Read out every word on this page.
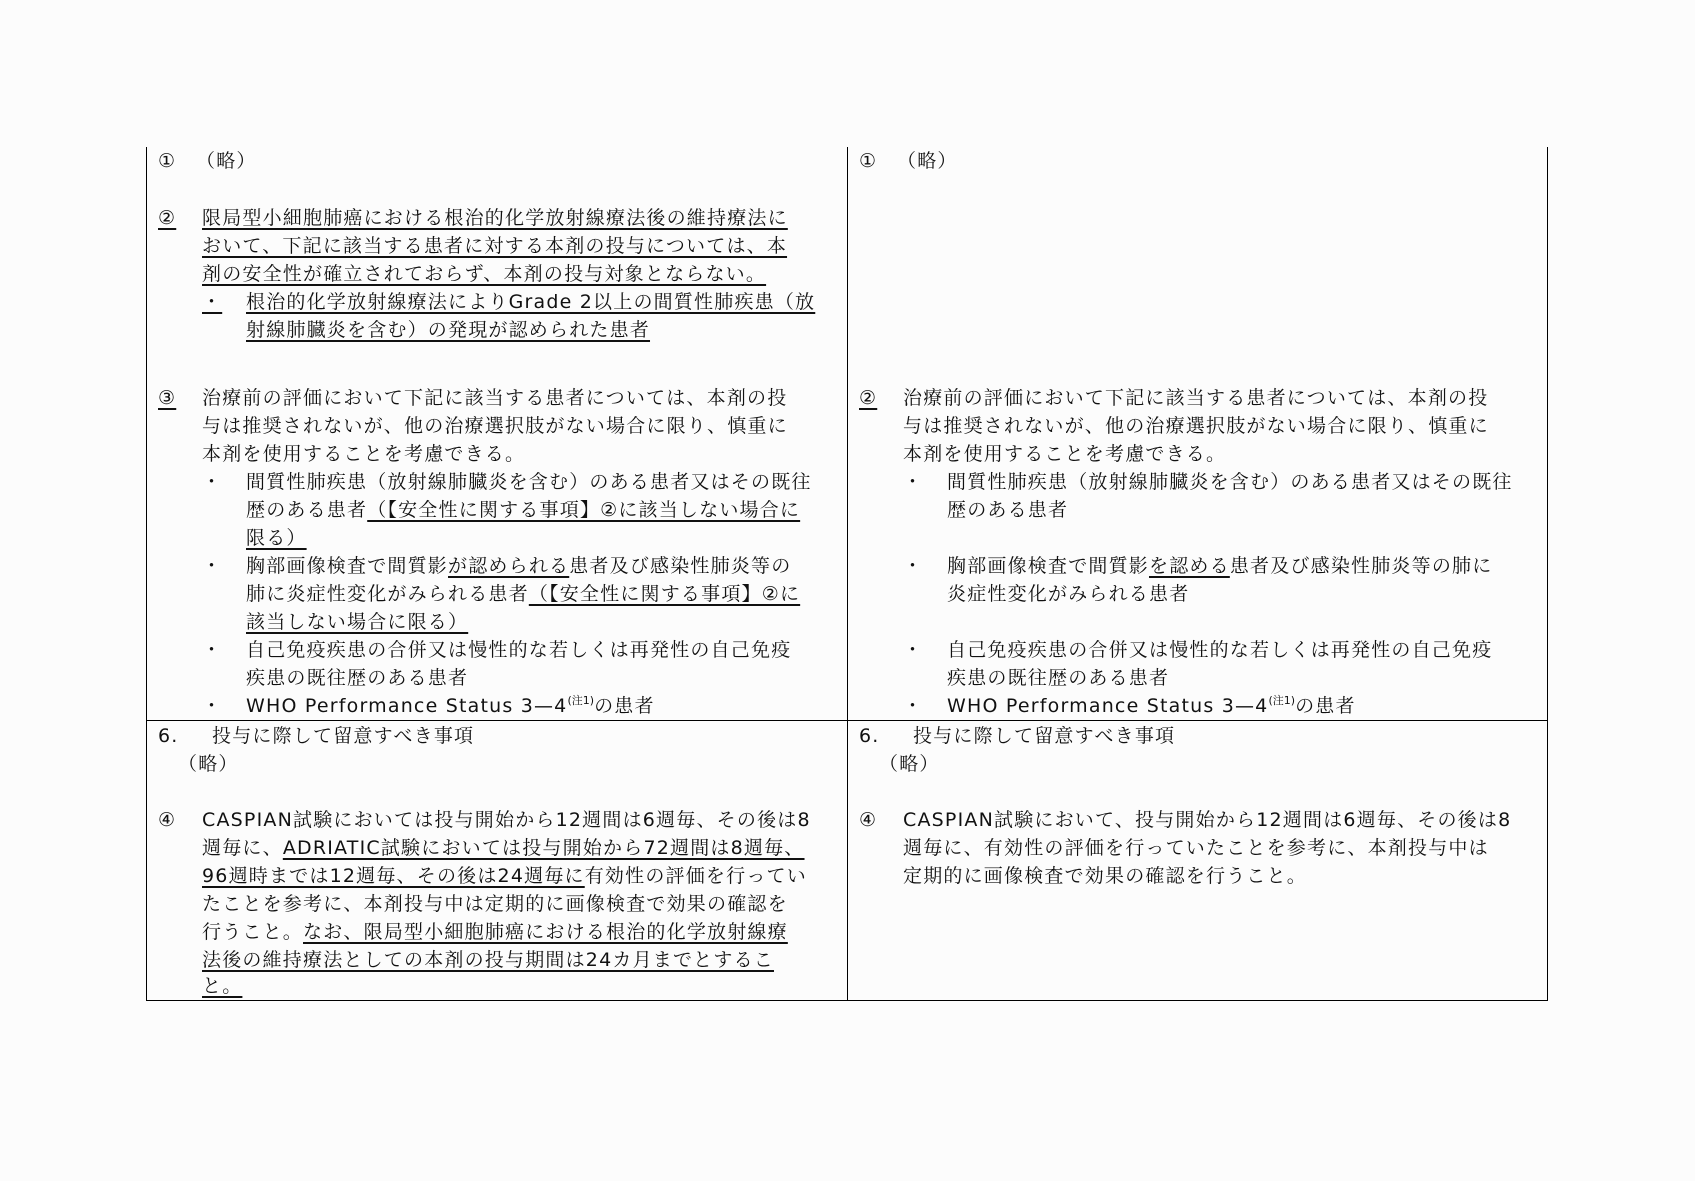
① （略）
② 限局型小細胞肺癌における根治的化学放射線療法後の維持療法に
おいて、下記に該当する患者に対する本剤の投与については、本
剤の安全性が確立されておらず、本剤の投与対象とならない。
・ 根治的化学放射線療法によりGrade 2以上の間質性肺疾患（放
射線肺臓炎を含む）の発現が認められた患者
③ 治療前の評価において下記に該当する患者については、本剤の投
与は推奨されないが、他の治療選択肢がない場合に限り、慎重に
本剤を使用することを考慮できる。
・ 間質性肺疾患（放射線肺臓炎を含む）のある患者又はその既往
歴のある患者（【安全性に関する事項】②に該当しない場合に
限る）
・ 胸部画像検査で間質影が認められる患者及び感染性肺炎等の
肺に炎症性変化がみられる患者（【安全性に関する事項】②に
該当しない場合に限る）
・ 自己免疫疾患の合併又は慢性的な若しくは再発性の自己免疫
疾患の既往歴のある患者
・ WHO Performance Status $3—4^{(注1)}$の患者
6. 投与に際して留意すべき事項
（略）
④ CASPIAN試験においては投与開始から12週間は6週毎、その後は8
週毎に、ADRIATIC試験においては投与開始から72週間は8週毎、
96週時までは12週毎、その後は24週毎に有効性の評価を行ってい
たことを参考に、本剤投与中は定期的に画像検査で効果の確認を
行うこと。なお、限局型小細胞肺癌における根治的化学放射線療
法後の維持療法としての本剤の投与期間は24カ月までとするこ
と。
① （略）
② 治療前の評価において下記に該当する患者については、本剤の投
与は推奨されないが、他の治療選択肢がない場合に限り、慎重に
本剤を使用することを考慮できる。
・ 間質性肺疾患（放射線肺臓炎を含む）のある患者又はその既往
歴のある患者
・ 胸部画像検査で間質影を認める患者及び感染性肺炎等の肺に
炎症性変化がみられる患者
・ 自己免疫疾患の合併又は慢性的な若しくは再発性の自己免疫
疾患の既往歴のある患者
・ WHO Performance Status $3—4^{(注1)}$の患者
6. 投与に際して留意すべき事項
（略）
④ CASPIAN試験において、投与開始から12週間は6週毎、その後は8
週毎に、有効性の評価を行っていたことを参考に、本剤投与中は
定期的に画像検査で効果の確認を行うこと。
